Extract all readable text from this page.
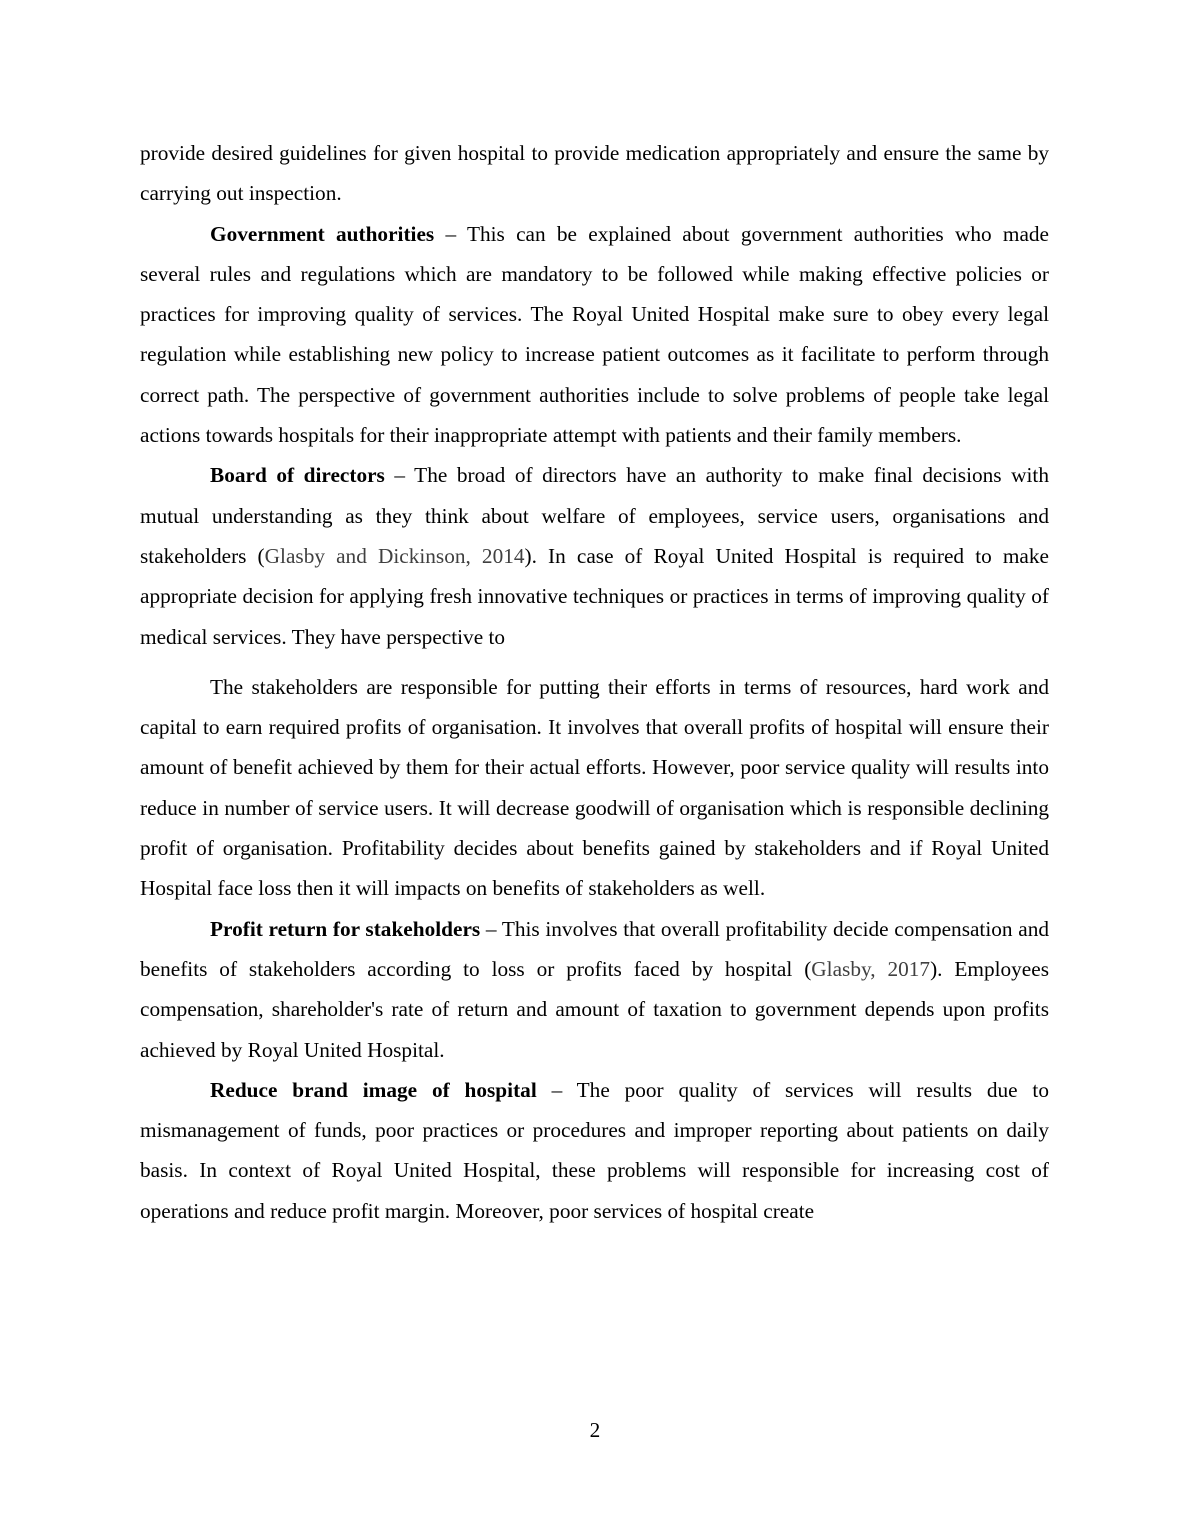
provide desired guidelines for given hospital to provide medication appropriately and ensure the same by carrying out inspection.

Government authorities – This can be explained about government authorities who made several rules and regulations which are mandatory to be followed while making effective policies or practices for improving quality of services. The Royal United Hospital make sure to obey every legal regulation while establishing new policy to increase patient outcomes as it facilitate to perform through correct path. The perspective of government authorities include to solve problems of people take legal actions towards hospitals for their inappropriate attempt with patients and their family members.

Board of directors – The broad of directors have an authority to make final decisions with mutual understanding as they think about welfare of employees, service users, organisations and stakeholders (Glasby and Dickinson, 2014). In case of Royal United Hospital is required to make appropriate decision for applying fresh innovative techniques or practices in terms of improving quality of medical services. They have perspective to

The stakeholders are responsible for putting their efforts in terms of resources, hard work and capital to earn required profits of organisation. It involves that overall profits of hospital will ensure their amount of benefit achieved by them for their actual efforts. However, poor service quality will results into reduce in number of service users. It will decrease goodwill of organisation which is responsible declining profit of organisation. Profitability decides about benefits gained by stakeholders and if Royal United Hospital face loss then it will impacts on benefits of stakeholders as well.

Profit return for stakeholders – This involves that overall profitability decide compensation and benefits of stakeholders according to loss or profits faced by hospital (Glasby, 2017). Employees compensation, shareholder's rate of return and amount of taxation to government depends upon profits achieved by Royal United Hospital.

Reduce brand image of hospital – The poor quality of services will results due to mismanagement of funds, poor practices or procedures and improper reporting about patients on daily basis. In context of Royal United Hospital, these problems will responsible for increasing cost of operations and reduce profit margin. Moreover, poor services of hospital create

2
